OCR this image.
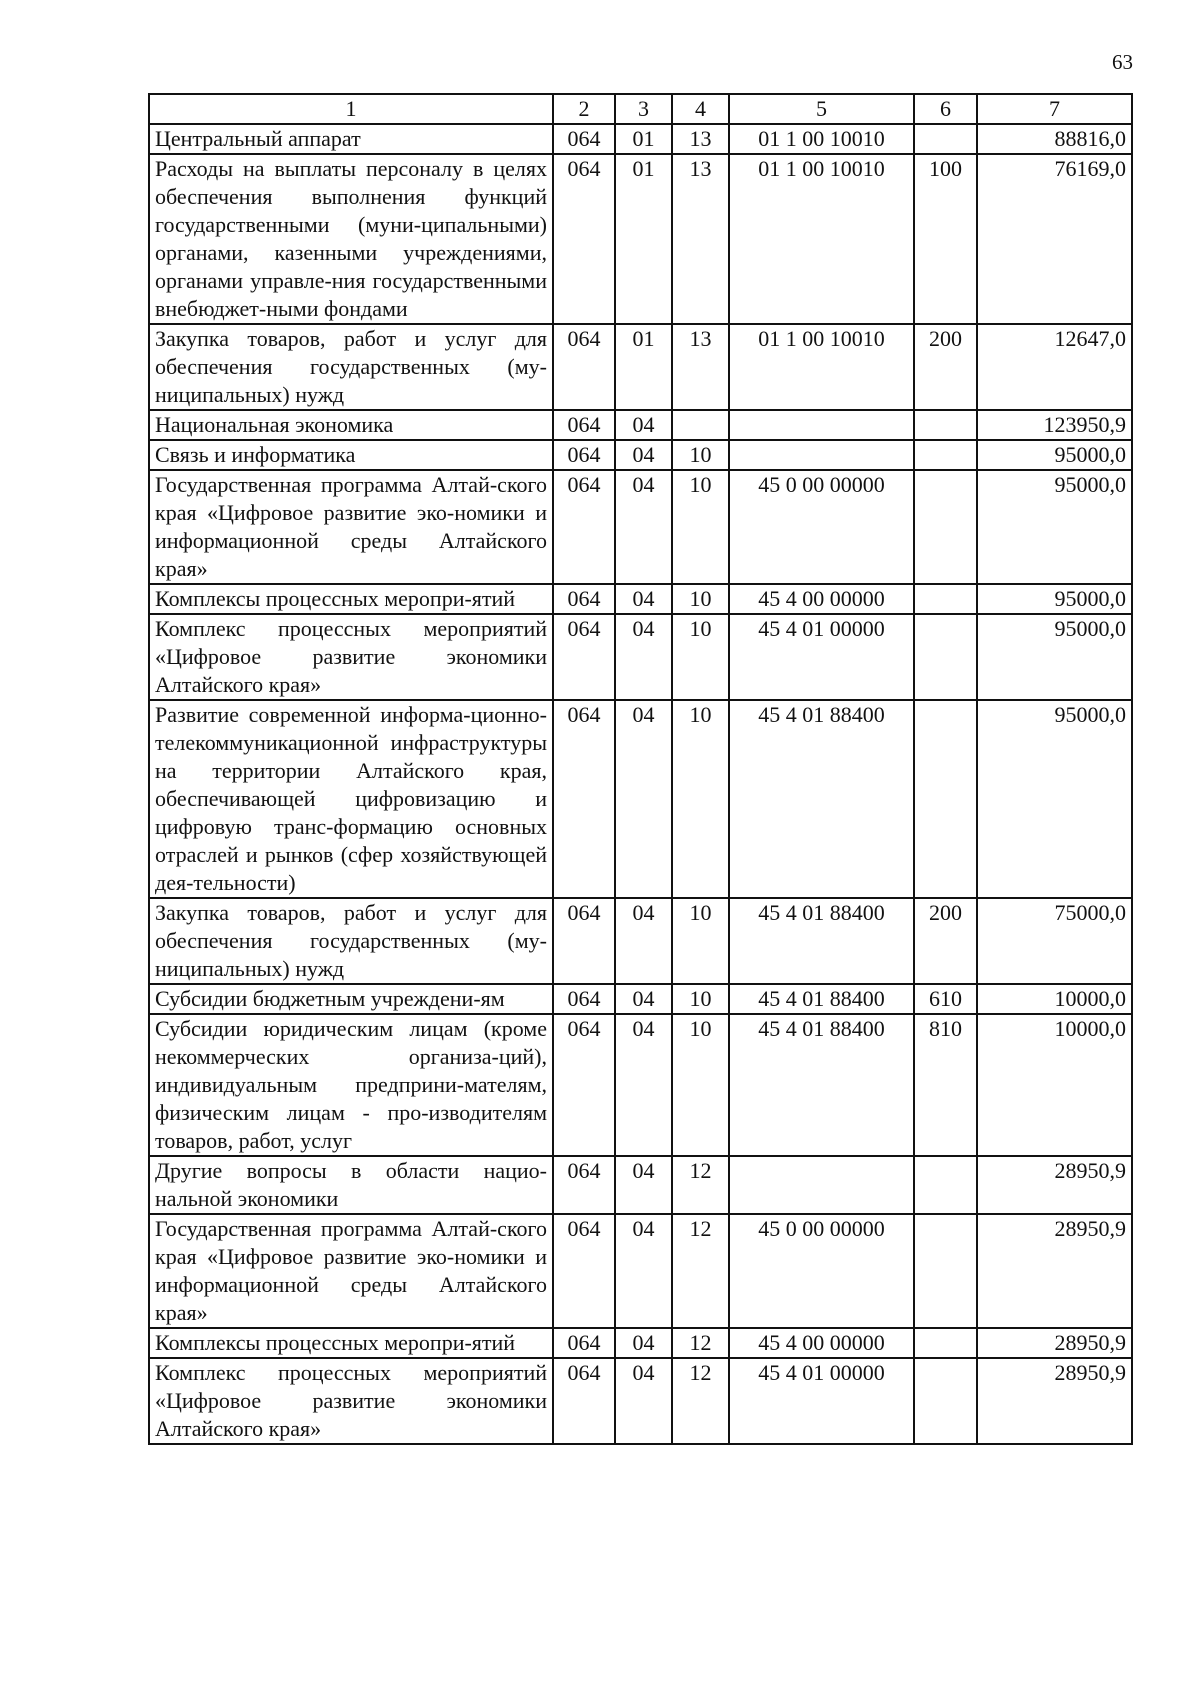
63
1	2	3	4	5	6	7
Центральный аппарат	064	01	13	01 1 00 10010		88816,0
Расходы на выплаты персоналу в целях обеспечения выполнения функций государственными (муни-ципальными) органами, казенными учреждениями, органами управле-ния государственными внебюджет-ными фондами	064	01	13	01 1 00 10010	100	76169,0
Закупка товаров, работ и услуг для обеспечения государственных (му-ниципальных) нужд	064	01	13	01 1 00 10010	200	12647,0
Национальная экономика	064	04				123950,9
Связь и информатика	064	04	10			95000,0
Государственная программа Алтай-ского края «Цифровое развитие эко-номики и информационной среды Алтайского края»	064	04	10	45 0 00 00000		95000,0
Комплексы процессных меропри-ятий	064	04	10	45 4 00 00000		95000,0
Комплекс процессных мероприятий «Цифровое развитие экономики Алтайского края»	064	04	10	45 4 01 00000		95000,0
Развитие современной информа-ционно-телекоммуникационной инфраструктуры на территории Алтайского края, обеспечивающей цифровизацию и цифровую транс-формацию основных отраслей и рынков (сфер хозяйствующей дея-тельности)	064	04	10	45 4 01 88400		95000,0
Закупка товаров, работ и услуг для обеспечения государственных (му-ниципальных) нужд	064	04	10	45 4 01 88400	200	75000,0
Субсидии бюджетным учреждени-ям	064	04	10	45 4 01 88400	610	10000,0
Субсидии юридическим лицам (кроме некоммерческих организа-ций), индивидуальным предприни-мателям, физическим лицам - про-изводителям товаров, работ, услуг	064	04	10	45 4 01 88400	810	10000,0
Другие вопросы в области нацио-нальной экономики	064	04	12			28950,9
Государственная программа Алтай-ского края «Цифровое развитие эко-номики и информационной среды Алтайского края»	064	04	12	45 0 00 00000		28950,9
Комплексы процессных меропри-ятий	064	04	12	45 4 00 00000		28950,9
Комплекс процессных мероприятий «Цифровое развитие экономики Алтайского края»	064	04	12	45 4 01 00000		28950,9
